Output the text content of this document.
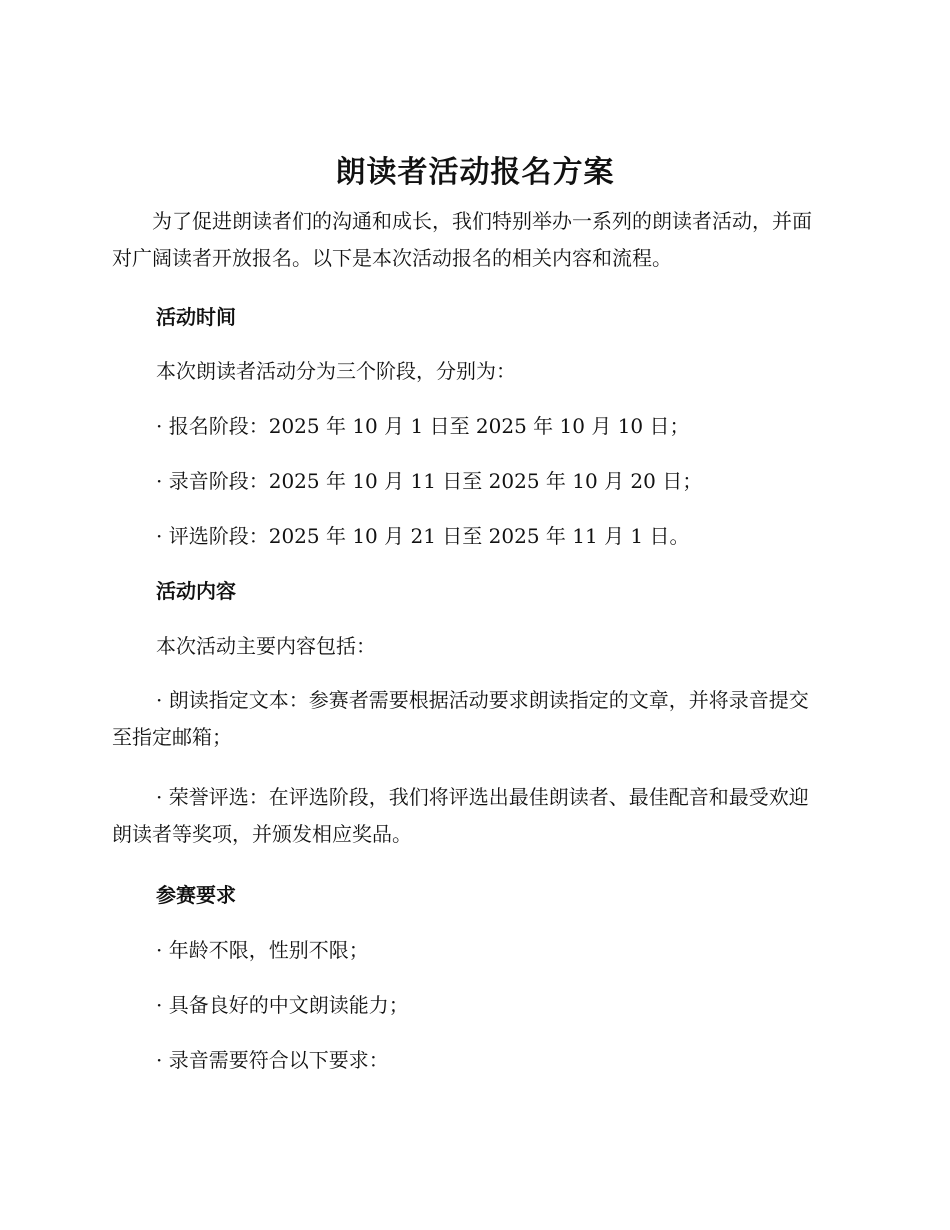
朗读者活动报名方案
为了促进朗读者们的沟通和成长，我们特别举办一系列的朗读者活动，并面对广阔读者开放报名。以下是本次活动报名的相关内容和流程。
活动时间
本次朗读者活动分为三个阶段，分别为：
· 报名阶段：2025 年 10 月 1 日至 2025 年 10 月 10 日；
· 录音阶段：2025 年 10 月 11 日至 2025 年 10 月 20 日；
· 评选阶段：2025 年 10 月 21 日至 2025 年 11 月 1 日。
活动内容
本次活动主要内容包括：
· 朗读指定文本：参赛者需要根据活动要求朗读指定的文章，并将录音提交至指定邮箱；
· 荣誉评选：在评选阶段，我们将评选出最佳朗读者、最佳配音和最受欢迎朗读者等奖项，并颁发相应奖品。
参赛要求
· 年龄不限，性别不限；
· 具备良好的中文朗读能力；
· 录音需要符合以下要求：
